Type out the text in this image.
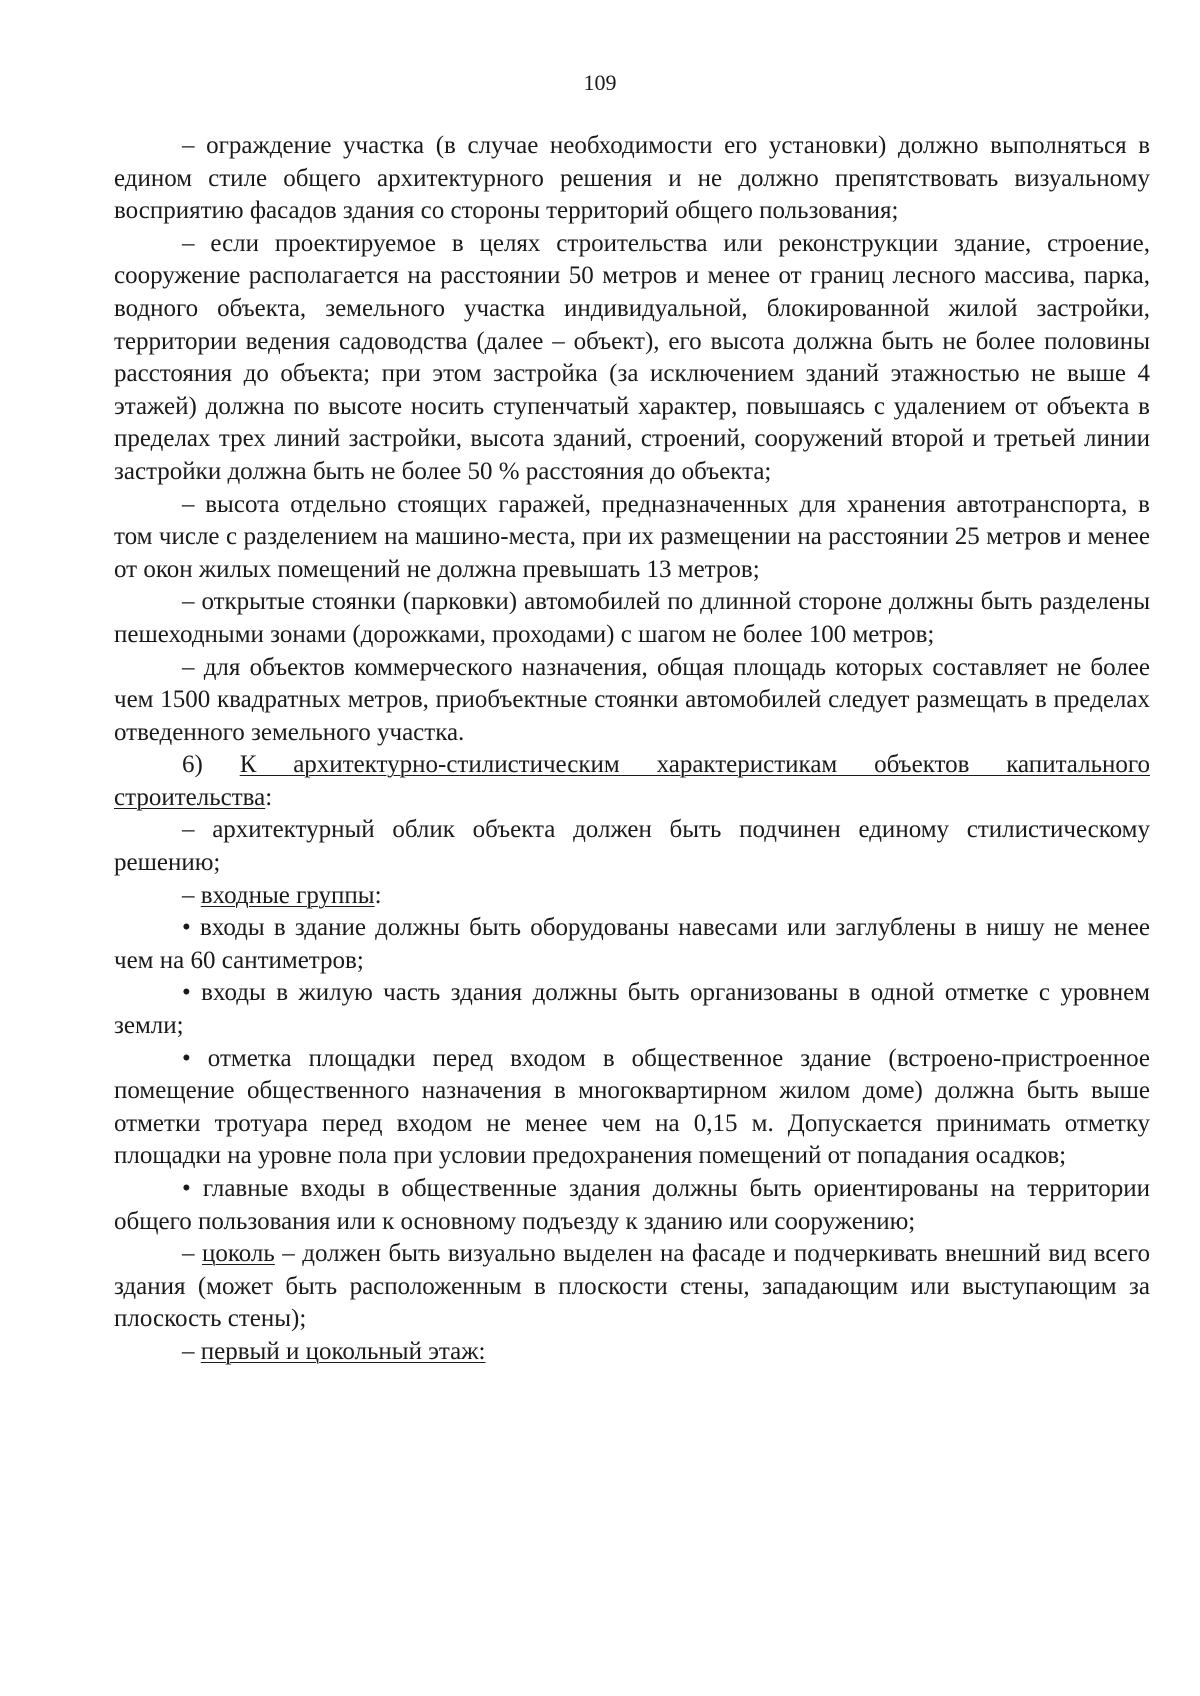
109

– ограждение участка (в случае необходимости его установки) должно выполняться в едином стиле общего архитектурного решения и не должно препятствовать визуальному восприятию фасадов здания со стороны территорий общего пользования;

– если проектируемое в целях строительства или реконструкции здание, строение, сооружение располагается на расстоянии 50 метров и менее от границ лесного массива, парка, водного объекта, земельного участка индивидуальной, блокированной жилой застройки, территории ведения садоводства (далее – объект), его высота должна быть не более половины расстояния до объекта; при этом застройка (за исключением зданий этажностью не выше 4 этажей) должна по высоте носить ступенчатый характер, повышаясь с удалением от объекта в пределах трех линий застройки, высота зданий, строений, сооружений второй и третьей линии застройки должна быть не более 50 % расстояния до объекта;

– высота отдельно стоящих гаражей, предназначенных для хранения автотранспорта, в том числе с разделением на машино-места, при их размещении на расстоянии 25 метров и менее от окон жилых помещений не должна превышать 13 метров;

– открытые стоянки (парковки) автомобилей по длинной стороне должны быть разделены пешеходными зонами (дорожками, проходами) с шагом не более 100 метров;

– для объектов коммерческого назначения, общая площадь которых составляет не более чем 1500 квадратных метров, приобъектные стоянки автомобилей следует размещать в пределах отведенного земельного участка.

6) К архитектурно-стилистическим характеристикам объектов капитального строительства:

– архитектурный облик объекта должен быть подчинен единому стилистическому решению;

– входные группы:

• входы в здание должны быть оборудованы навесами или заглублены в нишу не менее чем на 60 сантиметров;

• входы в жилую часть здания должны быть организованы в одной отметке с уровнем земли;

• отметка площадки перед входом в общественное здание (встроено-пристроенное помещение общественного назначения в многоквартирном жилом доме) должна быть выше отметки тротуара перед входом не менее чем на 0,15 м. Допускается принимать отметку площадки на уровне пола при условии предохранения помещений от попадания осадков;

• главные входы в общественные здания должны быть ориентированы на территории общего пользования или к основному подъезду к зданию или сооружению;

– цоколь – должен быть визуально выделен на фасаде и подчеркивать внешний вид всего здания (может быть расположенным в плоскости стены, западающим или выступающим за плоскость стены);

– первый и цокольный этаж:
